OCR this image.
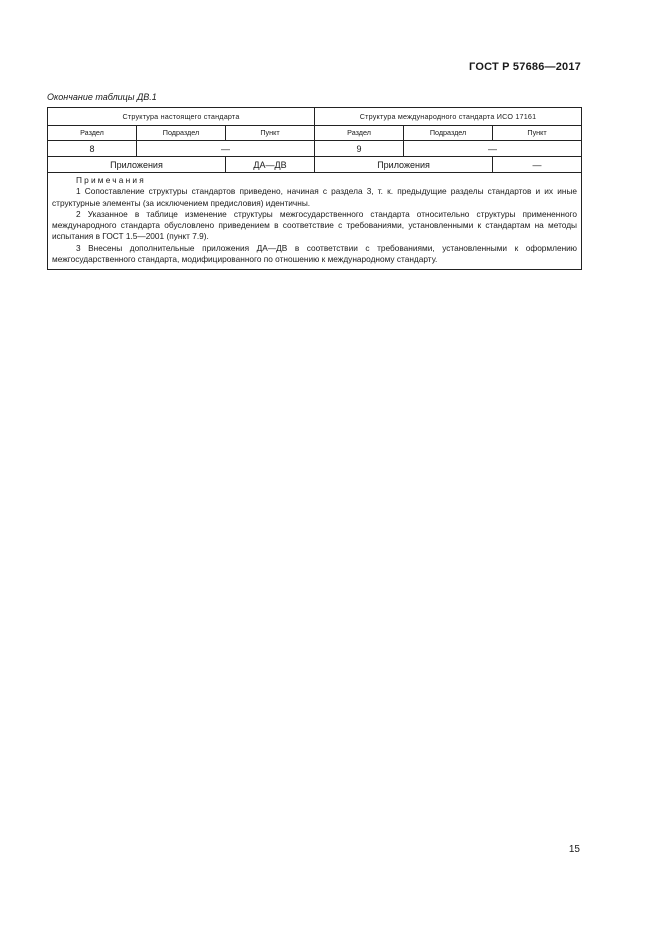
ГОСТ Р 57686—2017
Окончание таблицы ДВ.1
Структура настоящего стандарта			Структура международного стандарта ИСО 17161		
Раздел	Подраздел	Пункт	Раздел	Подраздел	Пункт
8	—		9	—	
Приложения		ДА—ДВ	Приложения		—

Примечания
1 Сопоставление структуры стандартов приведено, начиная с раздела 3, т. к. предыдущие разделы стандартов и их иные структурные элементы (за исключением предисловия) идентичны.
2 Указанное в таблице изменение структуры межгосударственного стандарта относительно структуры примененного международного стандарта обусловлено приведением в соответствие с требованиями, установленными к стандартам на методы испытания в ГОСТ 1.5—2001 (пункт 7.9).
3 Внесены дополнительные приложения ДА—ДВ в соответствии с требованиями, установленными к оформлению межгосударственного стандарта, модифицированного по отношению к международному стандарту.					
15
